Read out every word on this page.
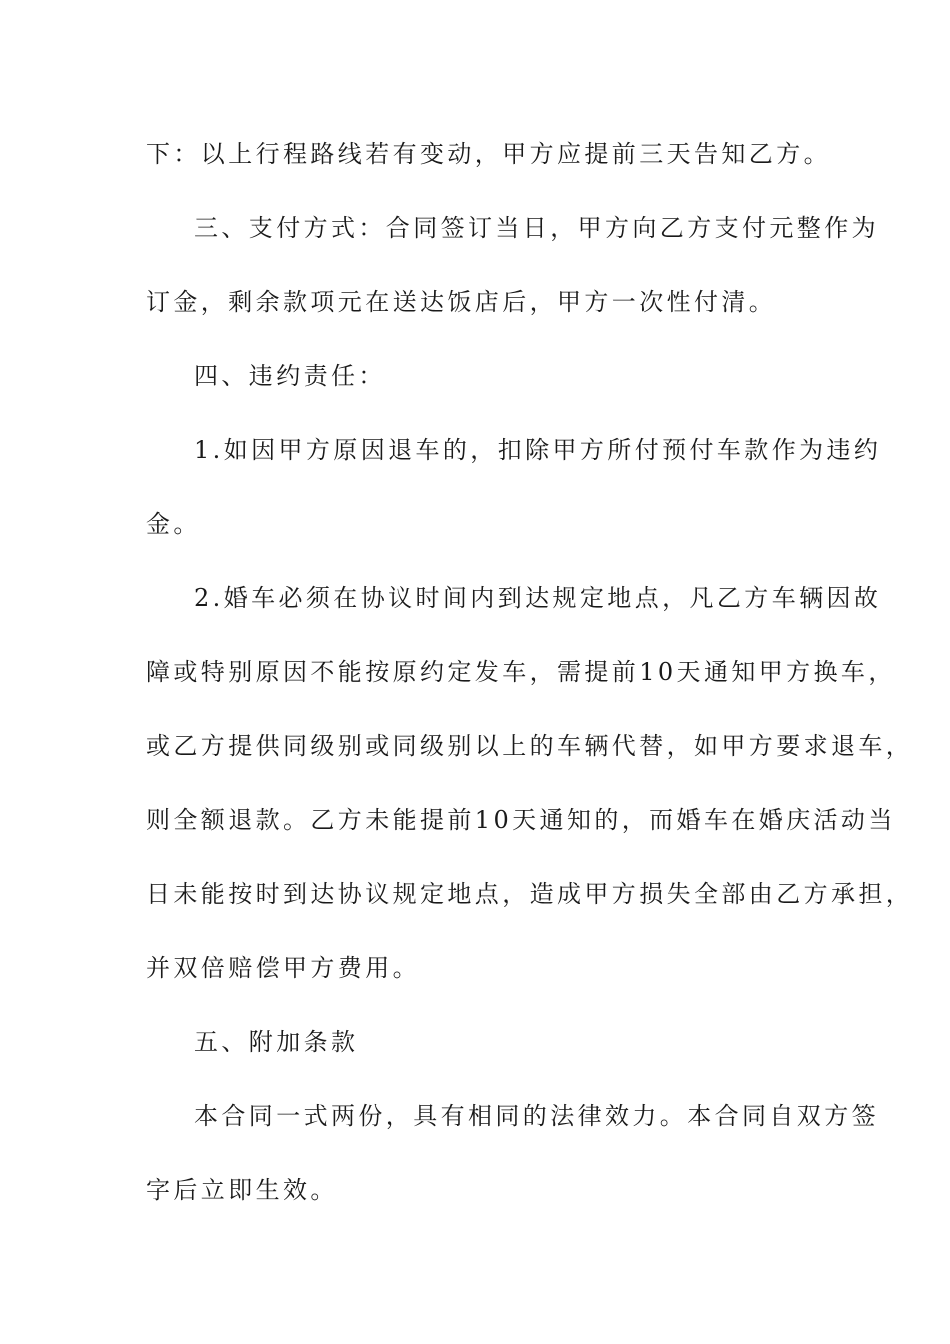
下：以上行程路线若有变动，甲方应提前三天告知乙方。
三、支付方式：合同签订当日，甲方向乙方支付元整作为
订金，剩余款项元在送达饭店后，甲方一次性付清。
四、违约责任：
1.如因甲方原因退车的，扣除甲方所付预付车款作为违约
金。
2.婚车必须在协议时间内到达规定地点，凡乙方车辆因故
障或特别原因不能按原约定发车，需提前10天通知甲方换车，
或乙方提供同级别或同级别以上的车辆代替，如甲方要求退车，
则全额退款。乙方未能提前10天通知的，而婚车在婚庆活动当
日未能按时到达协议规定地点，造成甲方损失全部由乙方承担，
并双倍赔偿甲方费用。
五、附加条款
本合同一式两份，具有相同的法律效力。本合同自双方签
字后立即生效。
